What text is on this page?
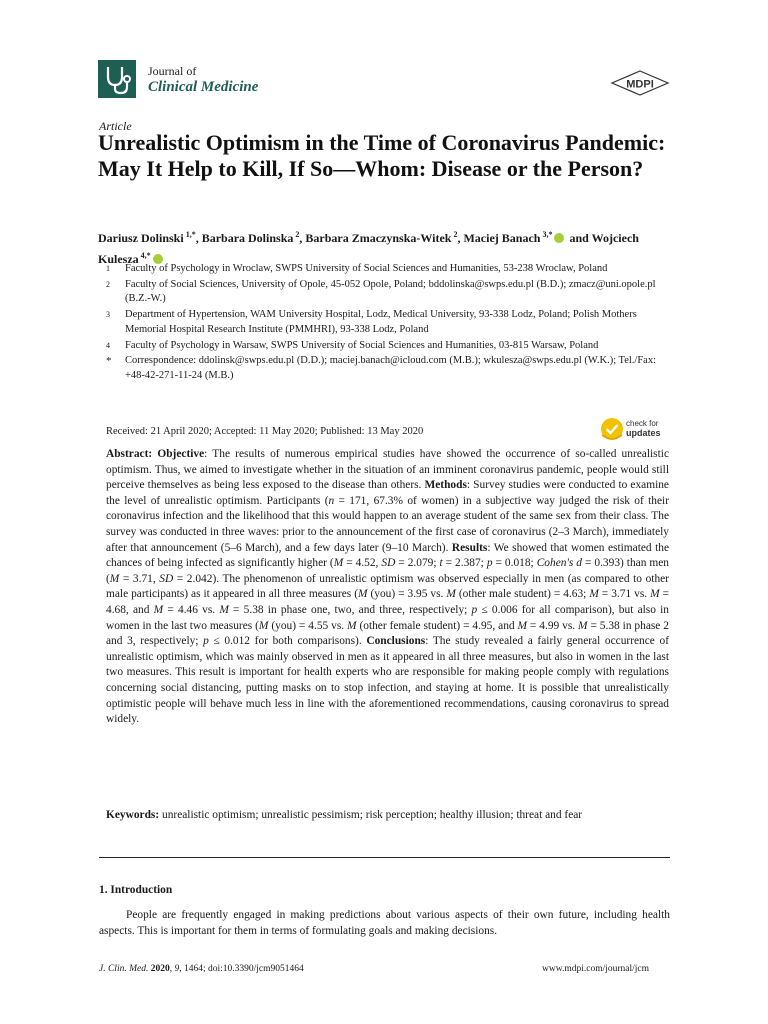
Journal of
Clinical Medicine	MDPI
Article
Unrealistic Optimism in the Time of Coronavirus Pandemic: May It Help to Kill, If So—Whom: Disease or the Person?
Dariusz Dolinski $^{1,*}$, Barbara Dolinska $^2$, Barbara Zmaczynska-Witek $^2$, Maciej Banach $^{3,*}$ and Wojciech Kulesza $^{4,*}$
1	Faculty of Psychology in Wroclaw, SWPS University of Social Sciences and Humanities, 53-238 Wroclaw, Poland
2	Faculty of Social Sciences, University of Opole, 45-052 Opole, Poland; bddolinska@swps.edu.pl (B.D.); zmacz@uni.opole.pl (B.Z.-W.)
3	Department of Hypertension, WAM University Hospital, Lodz, Medical University, 93-338 Lodz, Poland; Polish Mothers Memorial Hospital Research Institute (PMMHRI), 93-338 Lodz, Poland
4	Faculty of Psychology in Warsaw, SWPS University of Social Sciences and Humanities, 03-815 Warsaw, Poland
*	Correspondence: ddolinsk@swps.edu.pl (D.D.); maciej.banach@icloud.com (M.B.); wkulesza@swps.edu.pl (W.K.); Tel./Fax: +48-42-271-11-24 (M.B.)
Received: 21 April 2020; Accepted: 11 May 2020; Published: 13 May 2020
check for
updates
Abstract: Objective: The results of numerous empirical studies have showed the occurrence of so-called unrealistic optimism. Thus, we aimed to investigate whether in the situation of an imminent coronavirus pandemic, people would still perceive themselves as being less exposed to the disease than others. Methods: Survey studies were conducted to examine the level of unrealistic optimism. Participants (n = 171, 67.3% of women) in a subjective way judged the risk of their coronavirus infection and the likelihood that this would happen to an average student of the same sex from their class. The survey was conducted in three waves: prior to the announcement of the first case of coronavirus (2–3 March), immediately after that announcement (5–6 March), and a few days later (9–10 March). Results: We showed that women estimated the chances of being infected as significantly higher (M = 4.52, SD = 2.079; t = 2.387; p = 0.018; Cohen's d = 0.393) than men (M = 3.71, SD = 2.042). The phenomenon of unrealistic optimism was observed especially in men (as compared to other male participants) as it appeared in all three measures (M (you) = 3.95 vs. M (other male student) = 4.63; M = 3.71 vs. M = 4.68, and M = 4.46 vs. M = 5.38 in phase one, two, and three, respectively; p ≤ 0.006 for all comparison), but also in women in the last two measures (M (you) = 4.55 vs. M (other female student) = 4.95, and M = 4.99 vs. M = 5.38 in phase 2 and 3, respectively; p ≤ 0.012 for both comparisons). Conclusions: The study revealed a fairly general occurrence of unrealistic optimism, which was mainly observed in men as it appeared in all three measures, but also in women in the last two measures. This result is important for health experts who are responsible for making people comply with regulations concerning social distancing, putting masks on to stop infection, and staying at home. It is possible that unrealistically optimistic people will behave much less in line with the aforementioned recommendations, causing coronavirus to spread widely.
Keywords: unrealistic optimism; unrealistic pessimism; risk perception; healthy illusion; threat and fear
1. Introduction
People are frequently engaged in making predictions about various aspects of their own future, including health aspects. This is important for them in terms of formulating goals and making decisions.
J. Clin. Med. 2020, 9, 1464; doi:10.3390/jcm9051464	www.mdpi.com/journal/jcm
